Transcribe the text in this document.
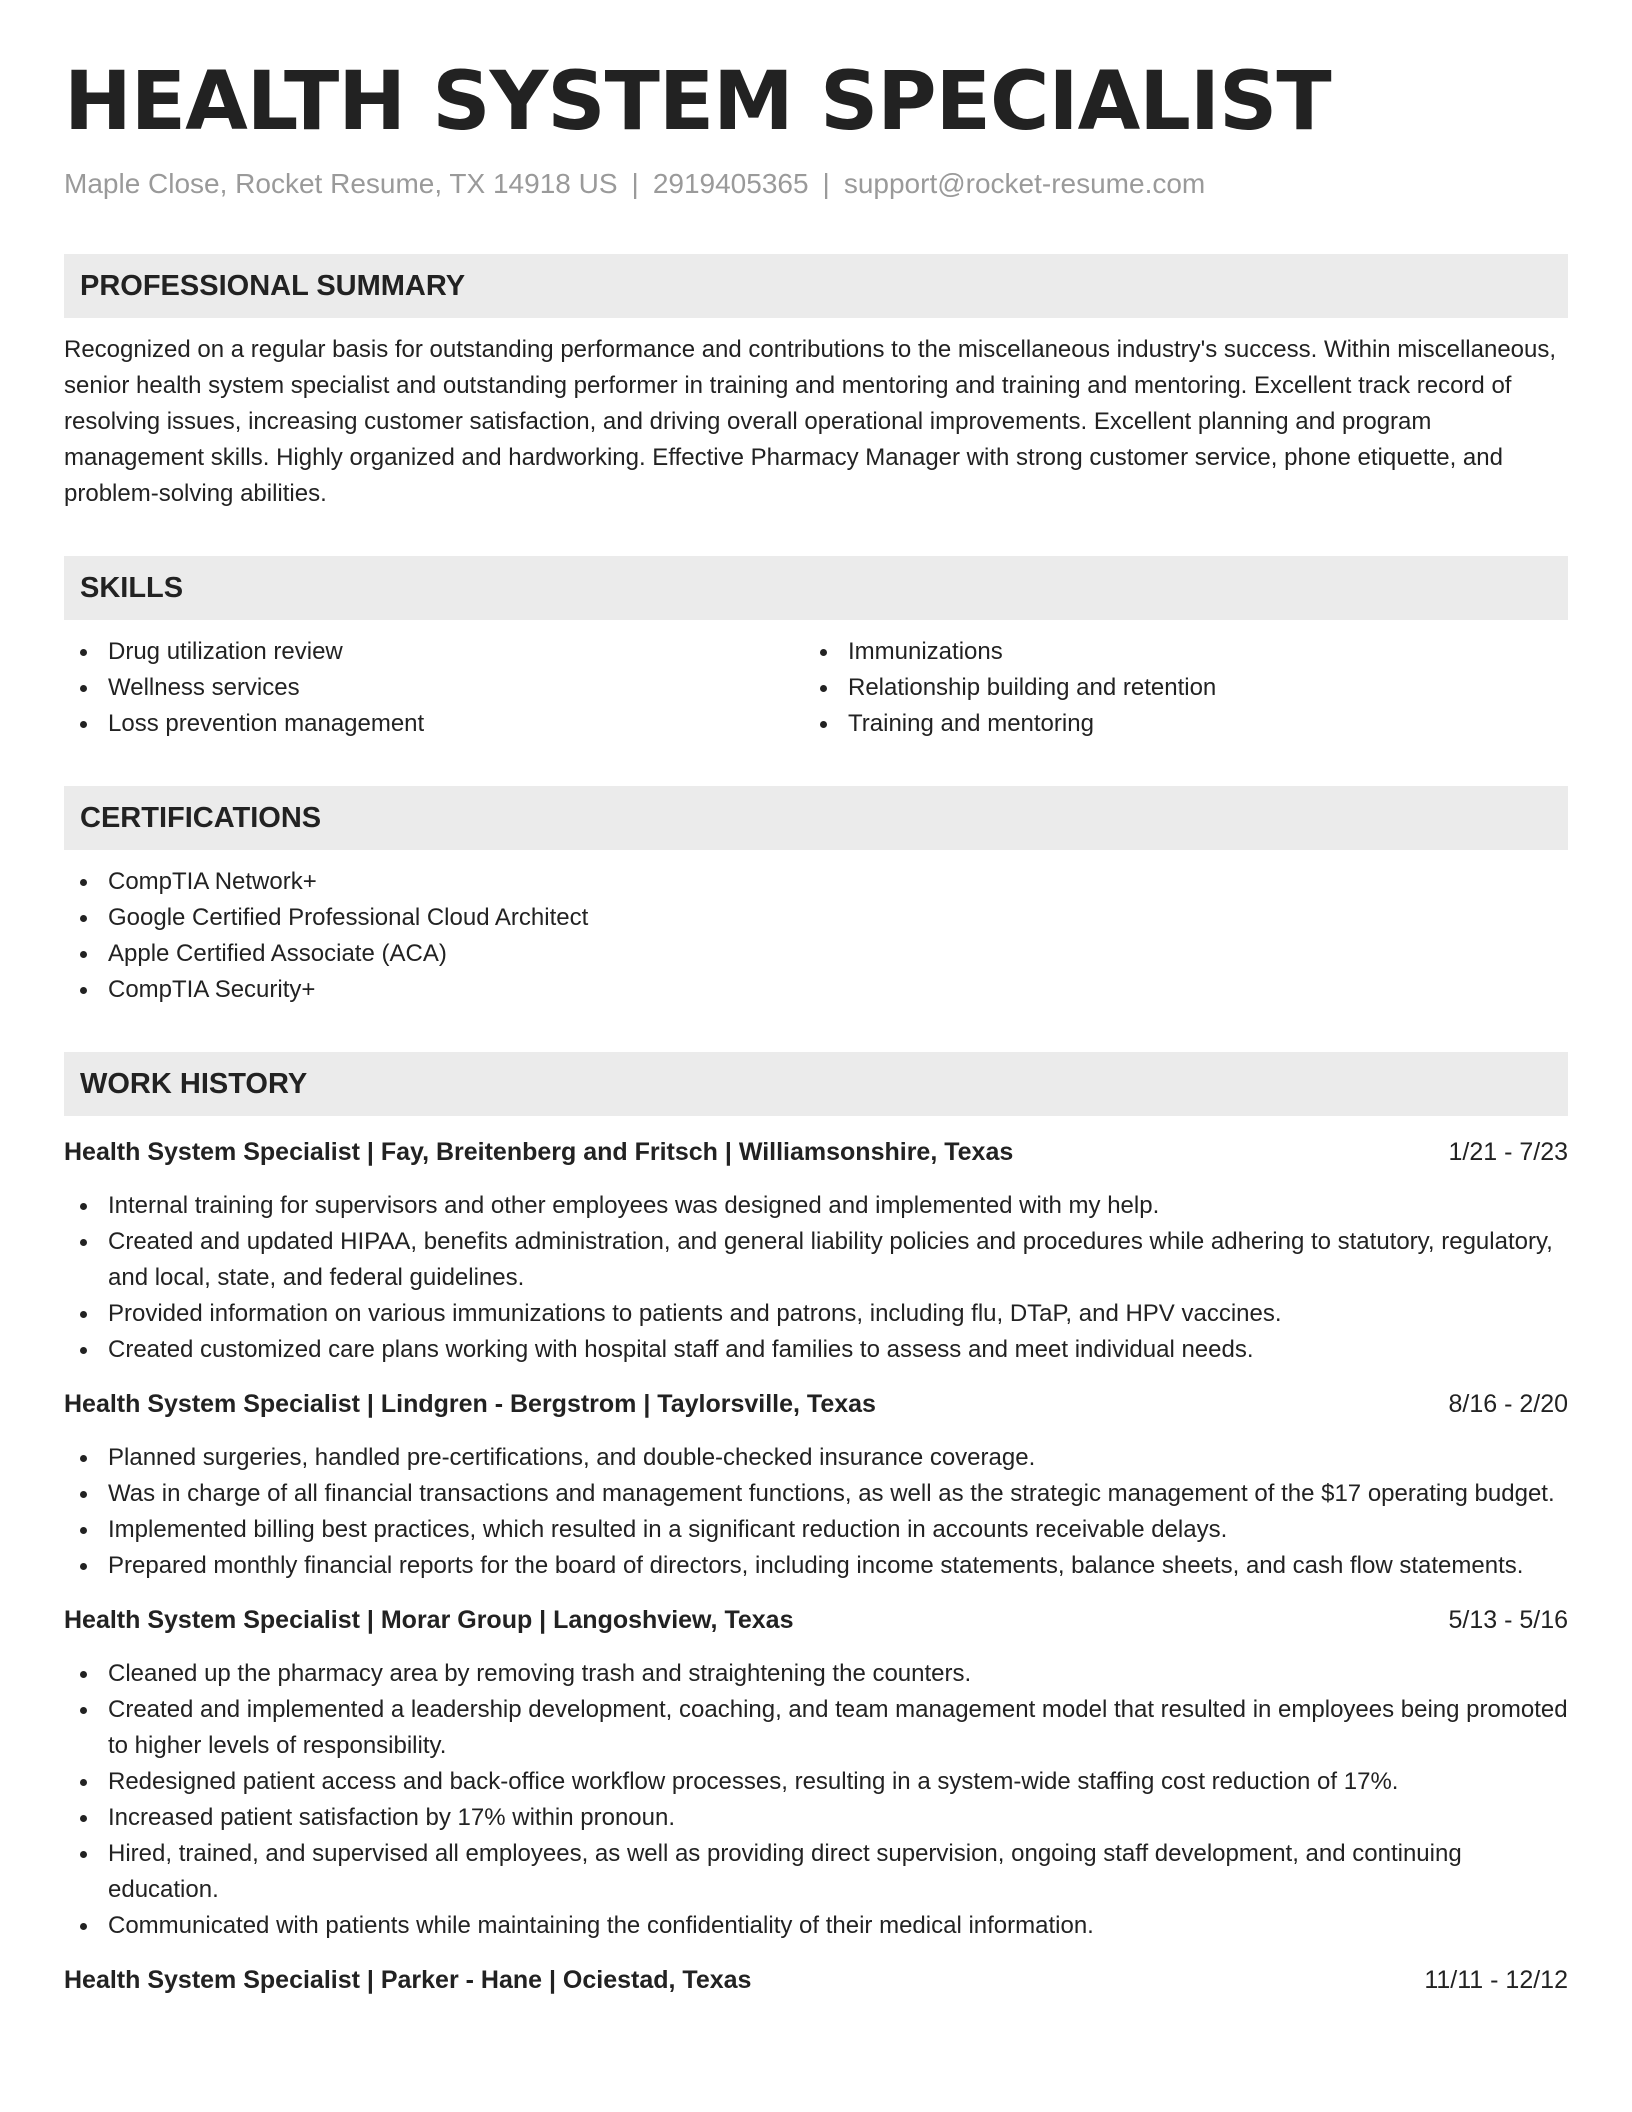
HEALTH SYSTEM SPECIALIST
Maple Close, Rocket Resume, TX 14918 US | 2919405365 | support@rocket-resume.com
PROFESSIONAL SUMMARY
Recognized on a regular basis for outstanding performance and contributions to the miscellaneous industry's success. Within miscellaneous, senior health system specialist and outstanding performer in training and mentoring and training and mentoring. Excellent track record of resolving issues, increasing customer satisfaction, and driving overall operational improvements. Excellent planning and program management skills. Highly organized and hardworking. Effective Pharmacy Manager with strong customer service, phone etiquette, and problem-solving abilities.
SKILLS
Drug utilization review
Wellness services
Loss prevention management
Immunizations
Relationship building and retention
Training and mentoring
CERTIFICATIONS
CompTIA Network+
Google Certified Professional Cloud Architect
Apple Certified Associate (ACA)
CompTIA Security+
WORK HISTORY
Health System Specialist | Fay, Breitenberg and Fritsch | Williamsonshire, Texas	1/21 - 7/23
Internal training for supervisors and other employees was designed and implemented with my help.
Created and updated HIPAA, benefits administration, and general liability policies and procedures while adhering to statutory, regulatory, and local, state, and federal guidelines.
Provided information on various immunizations to patients and patrons, including flu, DTaP, and HPV vaccines.
Created customized care plans working with hospital staff and families to assess and meet individual needs.
Health System Specialist | Lindgren - Bergstrom | Taylorsville, Texas	8/16 - 2/20
Planned surgeries, handled pre-certifications, and double-checked insurance coverage.
Was in charge of all financial transactions and management functions, as well as the strategic management of the $17 operating budget.
Implemented billing best practices, which resulted in a significant reduction in accounts receivable delays.
Prepared monthly financial reports for the board of directors, including income statements, balance sheets, and cash flow statements.
Health System Specialist | Morar Group | Langoshview, Texas	5/13 - 5/16
Cleaned up the pharmacy area by removing trash and straightening the counters.
Created and implemented a leadership development, coaching, and team management model that resulted in employees being promoted to higher levels of responsibility.
Redesigned patient access and back-office workflow processes, resulting in a system-wide staffing cost reduction of 17%.
Increased patient satisfaction by 17% within pronoun.
Hired, trained, and supervised all employees, as well as providing direct supervision, ongoing staff development, and continuing education.
Communicated with patients while maintaining the confidentiality of their medical information.
Health System Specialist | Parker - Hane | Ociestad, Texas	11/11 - 12/12
